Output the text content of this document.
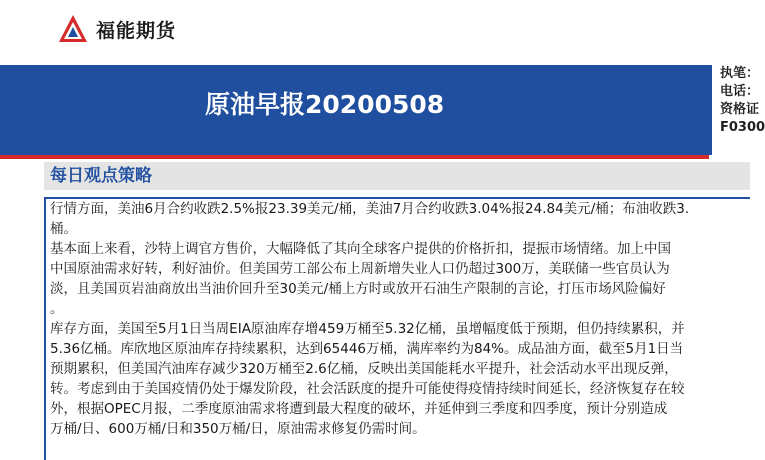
福能期货
原油早报20200508
执笔：
电话：
资格证
F0300
每日观点策略

行情方面，美油6月合约收跌2.5%报23.39美元/桶，美油7月合约收跌3.04%报24.84美元/桶；布油收跌3.

桶。

基本面上来看，沙特上调官方售价，大幅降低了其向全球客户提供的价格折扣，提振市场情绪。加上中国

中国原油需求好转，利好油价。但美国劳工部公布上周新增失业人口仍超过300万，美联储一些官员认为

淡，且美国页岩油商放出当油价回升至30美元/桶上方时或放开石油生产限制的言论，打压市场风险偏好

。

库存方面，美国至5月1日当周EIA原油库存增459万桶至5.32亿桶，虽增幅度低于预期，但仍持续累积，并

5.36亿桶。库欣地区原油库存持续累积，达到65446万桶，满库率约为84%。成品油方面，截至5月1日当

预期累积，但美国汽油库存减少320万桶至2.6亿桶，反映出美国能耗水平提升，社会活动水平出现反弹，

转。考虑到由于美国疫情仍处于爆发阶段，社会活跃度的提升可能使得疫情持续时间延长，经济恢复存在较

外，根据OPEC月报，二季度原油需求将遭到最大程度的破坏，并延伸到三季度和四季度，预计分别造成

万桶/日、600万桶/日和350万桶/日，原油需求修复仍需时间。
